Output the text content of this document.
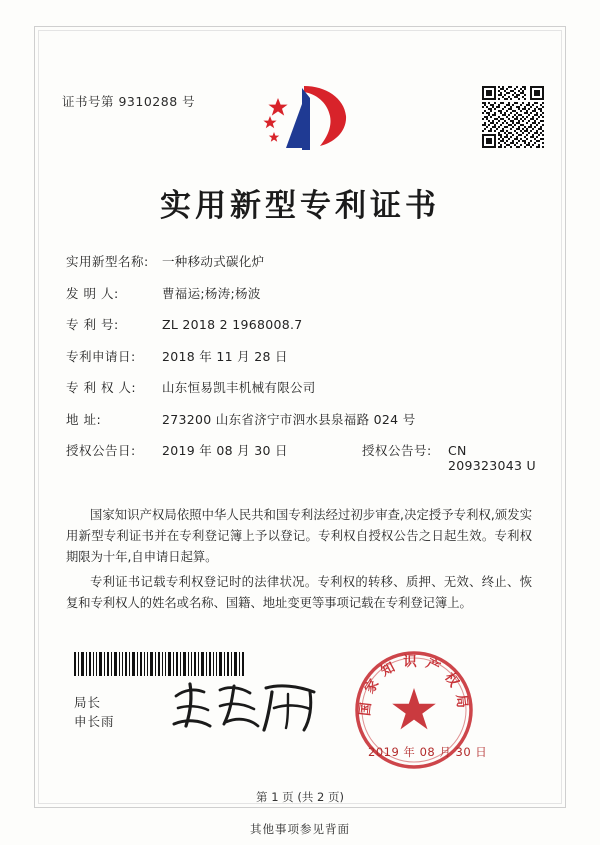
证书号第 9310288 号
实用新型专利证书
实用新型名称:	一种移动式碳化炉
发 明 人:	曹福运;杨涛;杨波
专 利 号:	ZL 2018 2 1968008.7
专利申请日:	2018 年 11 月 28 日
专 利 权 人:	山东恒易凯丰机械有限公司
地 址:	273200 山东省济宁市泗水县泉福路 024 号
授权公告日:	2019 年 08 月 30 日	授权公告号:	CN 209323043 U

国家知识产权局依照中华人民共和国专利法经过初步审查,决定授予专利权,颁发实用新型专利证书并在专利登记簿上予以登记。专利权自授权公告之日起生效。专利权期限为十年,自申请日起算。

专利证书记载专利权登记时的法律状况。专利权的转移、质押、无效、终止、恢复和专利权人的姓名或名称、国籍、地址变更等事项记载在专利登记簿上。

局长
申长雨
国家知识产权局
2019 年 08 月 30 日
第 1 页 (共 2 页)
其他事项参见背面
